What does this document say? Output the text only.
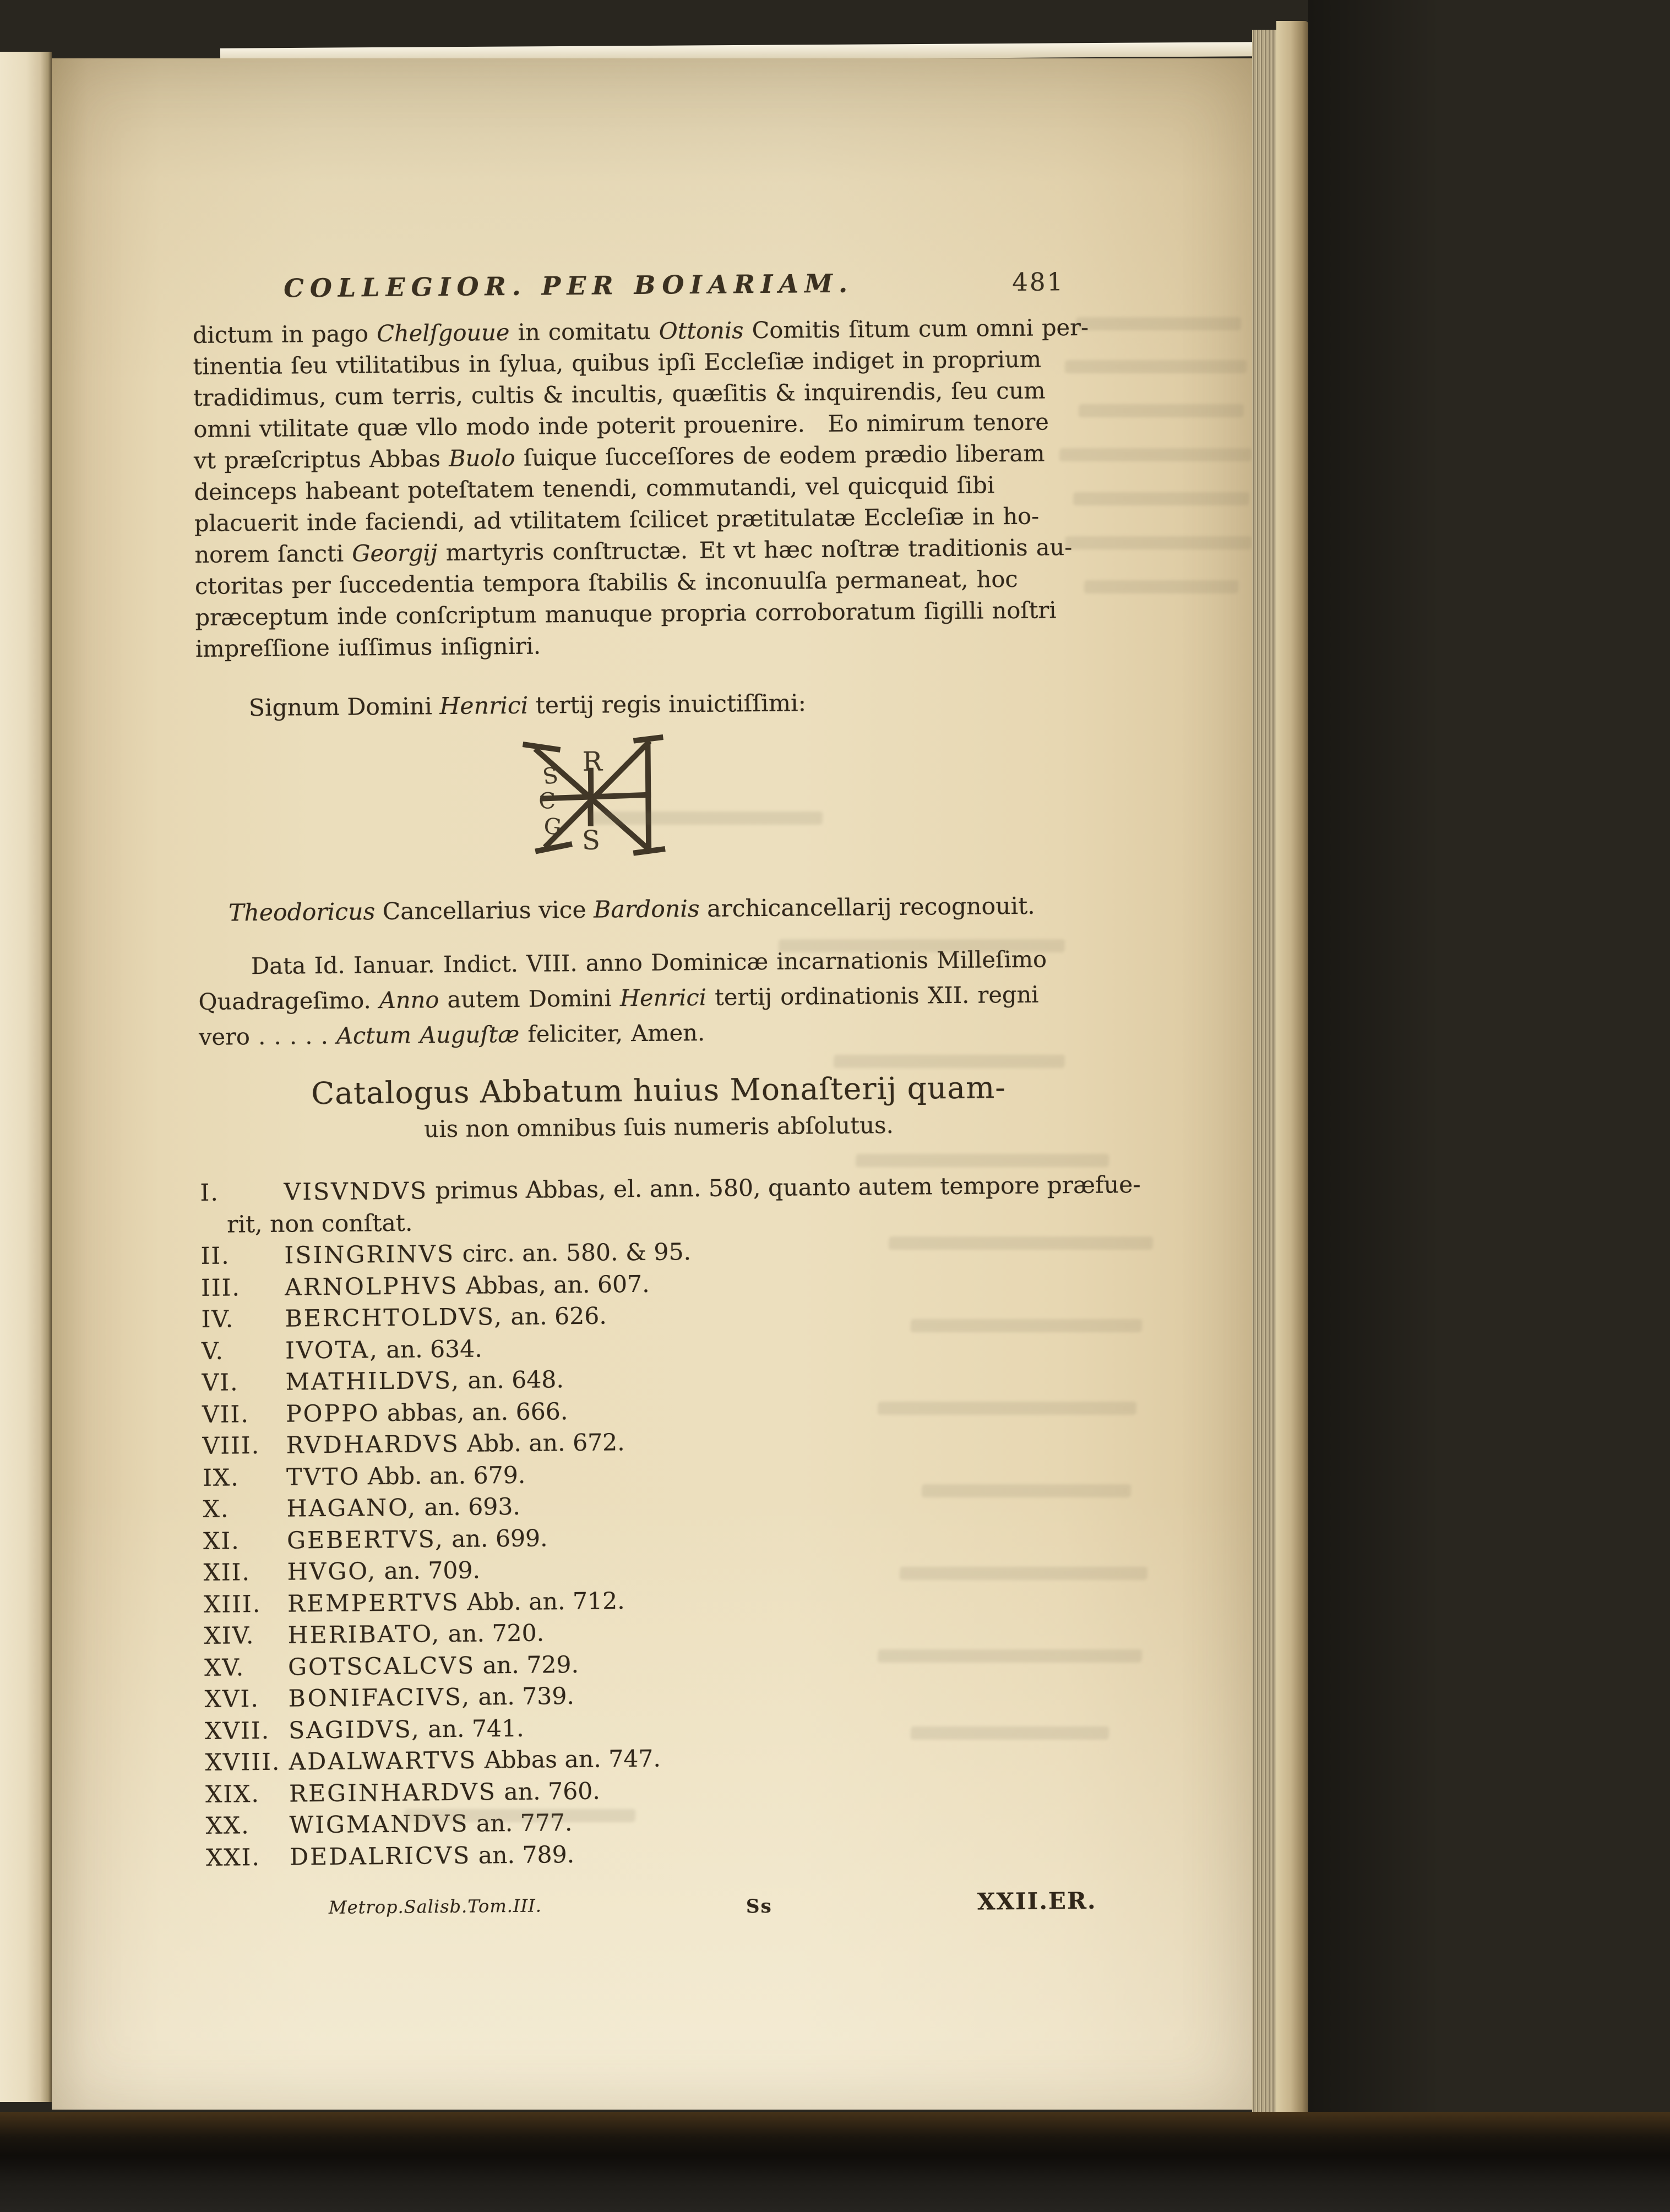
COLLEGIOR. PER BOIARIAM.	481
dictum in pago Chelſgouue in comitatu Ottonis Comitis ſitum cum omni per-
tinentia ſeu vtilitatibus in ſylua, quibus ipſi Eccleſiæ indiget in proprium
tradidimus, cum terris, cultis & incultis, quæſitis & inquirendis, ſeu cum
omni vtilitate quæ vllo modo inde poterit prouenire. Eo nimirum tenore
vt præſcriptus Abbas Buolo ſuique ſucceſſores de eodem prædio liberam
deinceps habeant poteſtatem tenendi, commutandi, vel quicquid ſibi
placuerit inde faciendi, ad vtilitatem ſcilicet prætitulatæ Eccleſiæ in ho-
norem ſancti Georgij martyris conſtructæ. Et vt hæc noſtræ traditionis au-
ctoritas per ſuccedentia tempora ſtabilis & inconuulſa permaneat, hoc
præceptum inde conſcriptum manuque propria corroboratum ſigilli noſtri
impreſſione iuſſimus inſigniri.
Signum Domini Henrici tertij regis inuictiſſimi:
R
S
C
G S
Theodoricus Cancellarius vice Bardonis archicancellarij recognouit.
Data Id. Ianuar. Indict. VIII. anno Dominicæ incarnationis Milleſimo
Quadrageſimo. Anno autem Domini Henrici tertij ordinationis XII. regni
vero . . . . . Actum Auguſtæ feliciter, Amen.
Catalogus Abbatum huius Monaſterij quam-
uis non omnibus ſuis numeris abſolutus.
I.	VISVNDVS primus Abbas, el. ann. 580, quanto autem tempore præfue-
rit, non conſtat.
II.	ISINGRINVS circ. an. 580. & 95.
III.	ARNOLPHVS Abbas, an. 607.
IV.	BERCHTOLDVS, an. 626.
V.	IVOTA, an. 634.
VI.	MATHILDVS, an. 648.
VII.	POPPO abbas, an. 666.
VIII.	RVDHARDVS Abb. an. 672.
IX.	TVTO Abb. an. 679.
X.	HAGANO, an. 693.
XI.	GEBERTVS, an. 699.
XII.	HVGO, an. 709.
XIII.	REMPERTVS Abb. an. 712.
XIV.	HERIBATO, an. 720.
XV.	GOTSCALCVS an. 729.
XVI.	BONIFACIVS, an. 739.
XVII. SAGIDVS, an. 741.
XVIII. ADALWARTVS Abbas an. 747.
XIX.	REGINHARDVS an. 760.
XX.	WIGMANDVS an. 777.
XXI.	DEDALRICVS an. 789.
Metrop.Salisb.Tom.III.	Ss	XXII.ER.
